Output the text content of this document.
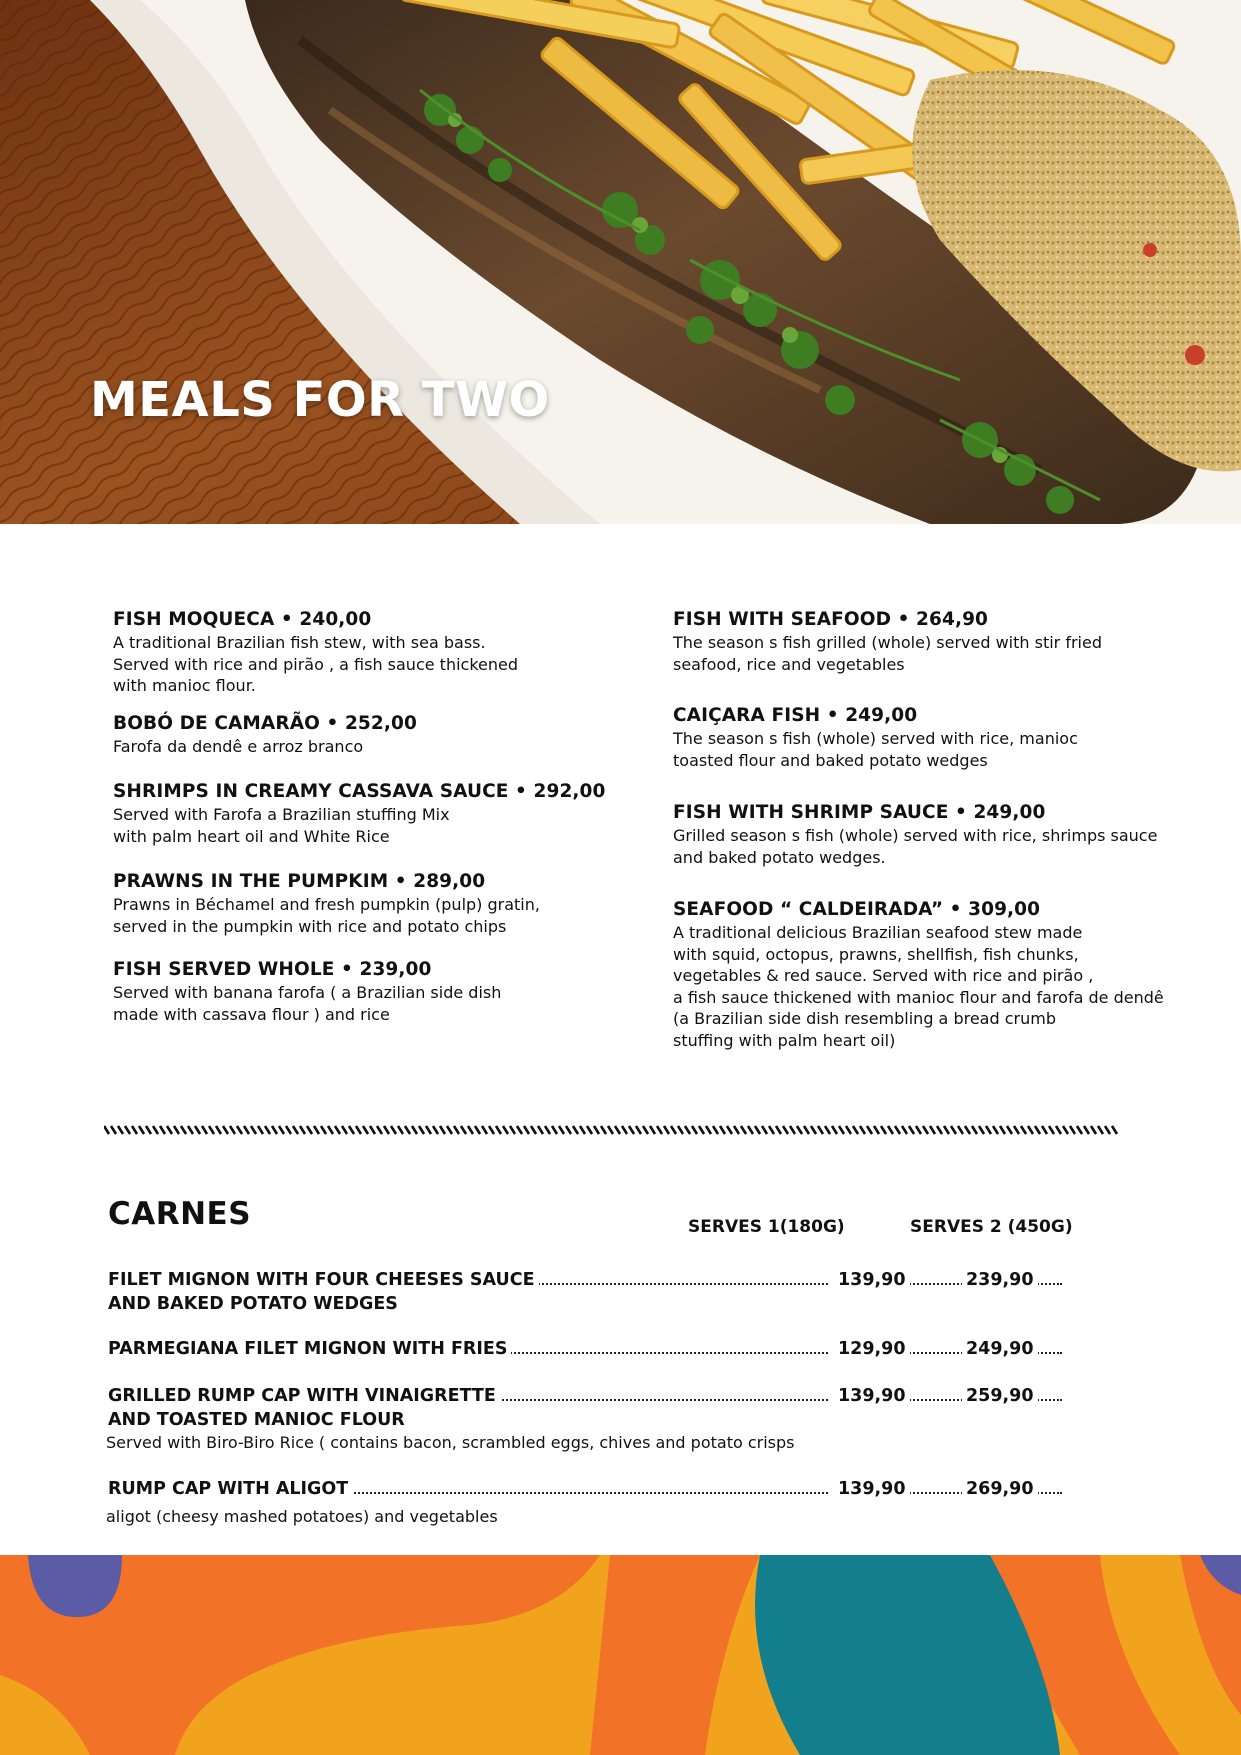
MEALS FOR TWO
FISH MOQUECA • 240,00

A traditional Brazilian fish stew, with sea bass.
Served with rice and pirão , a fish sauce thickened
with manioc flour.

BOBÓ DE CAMARÃO • 252,00

Farofa da dendê e arroz branco

SHRIMPS IN CREAMY CASSAVA SAUCE • 292,00

Served with Farofa a Brazilian stuffing Mix
with palm heart oil and White Rice

PRAWNS IN THE PUMPKIM • 289,00

Prawns in Béchamel and fresh pumpkin (pulp) gratin,
served in the pumpkin with rice and potato chips

FISH SERVED WHOLE • 239,00

Served with banana farofa ( a Brazilian side dish
made with cassava flour ) and rice

FISH WITH SEAFOOD • 264,90

The season s fish grilled (whole) served with stir fried
seafood, rice and vegetables

CAIÇARA FISH • 249,00

The season s fish (whole) served with rice, manioc
toasted flour and baked potato wedges

FISH WITH SHRIMP SAUCE • 249,00

Grilled season s fish (whole) served with rice, shrimps sauce
and baked potato wedges.

SEAFOOD “ CALDEIRADA” • 309,00

A traditional delicious Brazilian seafood stew made
with squid, octopus, prawns, shellfish, fish chunks,
vegetables & red sauce. Served with rice and pirão ,
a fish sauce thickened with manioc flour and farofa de dendê
(a Brazilian side dish resembling a bread crumb
stuffing with palm heart oil)

CARNES	SERVES 1(180G)	SERVES 2 (450G)
FILET MIGNON WITH FOUR CHEESES SAUCE	139,90	239,90
AND BAKED POTATO WEDGES
PARMEGIANA FILET MIGNON WITH FRIES	129,90	249,90
GRILLED RUMP CAP WITH VINAIGRETTE	139,90	259,90
AND TOASTED MANIOC FLOUR
Served with Biro-Biro Rice ( contains bacon, scrambled eggs, chives and potato crisps
RUMP CAP WITH ALIGOT	139,90	269,90
aligot (cheesy mashed potatoes) and vegetables
